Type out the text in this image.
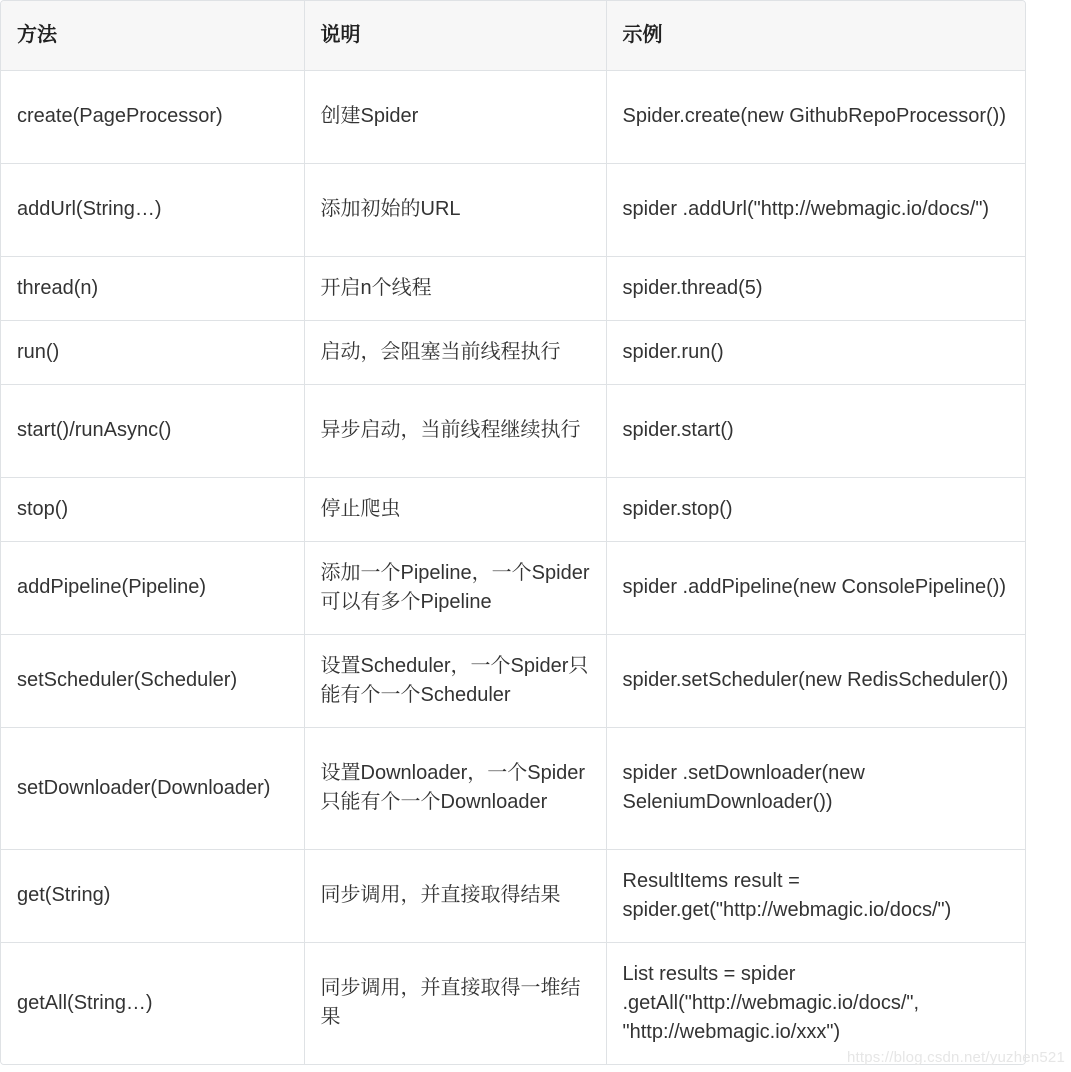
方法	说明	示例
create(PageProcessor)	创建Spider	Spider.create(new GithubRepoProcessor())
addUrl(String…)	添加初始的URL	spider .addUrl("http://webmagic.io/docs/")
thread(n)	开启n个线程	spider.thread(5)
run()	启动，会阻塞当前线程执行	spider.run()
start()/runAsync()	异步启动，当前线程继续执行	spider.start()
stop()	停止爬虫	spider.stop()
addPipeline(Pipeline)	添加一个Pipeline，一个Spider可以有多个Pipeline	spider .addPipeline(new ConsolePipeline())
setScheduler(Scheduler)	设置Scheduler，一个Spider只能有个一个Scheduler	spider.setScheduler(new RedisScheduler())
setDownloader(Downloader)	设置Downloader，一个Spider只能有个一个Downloader	spider .setDownloader(new SeleniumDownloader())
get(String)	同步调用，并直接取得结果	ResultItems result = spider.get("http://webmagic.io/docs/")
getAll(String…)	同步调用，并直接取得一堆结果	List results = spider .getAll("http://webmagic.io/docs/", "http://webmagic.io/xxx")
https://blog.csdn.net/yuzhen521
